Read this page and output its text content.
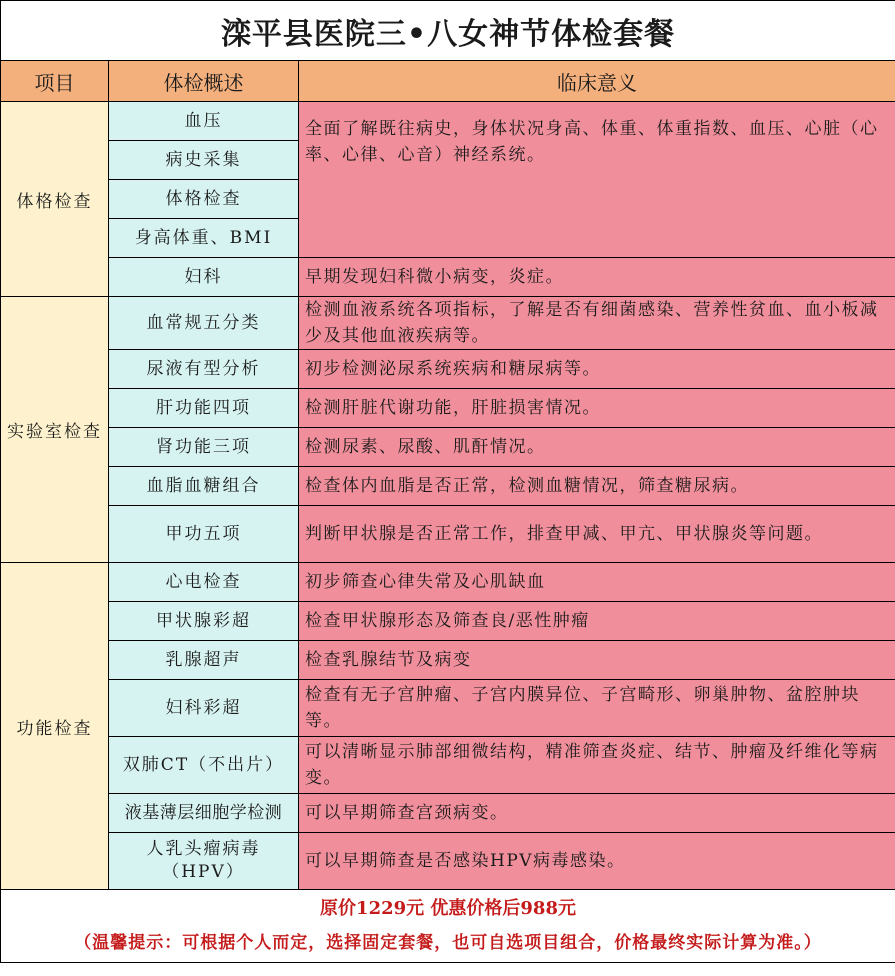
滦平县医院三•八女神节体检套餐		
项目	体检概述	临床意义
体格检查	血压	全面了解既往病史，身体状况身高、体重、体重指数、血压、心脏（心率、心律、心音）神经系统。
	病史采集	
	体格检查	
	身高体重、BMI	
	妇科	早期发现妇科微小病变，炎症。
实验室检查	血常规五分类	检测血液系统各项指标，了解是否有细菌感染、营养性贫血、血小板减少及其他血液疾病等。
	尿液有型分析	初步检测泌尿系统疾病和糖尿病等。
	肝功能四项	检测肝脏代谢功能，肝脏损害情况。
	肾功能三项	检测尿素、尿酸、肌酐情况。
	血脂血糖组合	检查体内血脂是否正常，检测血糖情况，筛查糖尿病。
	甲功五项	判断甲状腺是否正常工作，排查甲减、甲亢、甲状腺炎等问题。
功能检查	心电检查	初步筛查心律失常及心肌缺血
	甲状腺彩超	检查甲状腺形态及筛查良/恶性肿瘤
	乳腺超声	检查乳腺结节及病变
	妇科彩超	检查有无子宫肿瘤、子宫内膜异位、子宫畸形、卵巢肿物、盆腔肿块等。
	双肺CT（不出片）	可以清晰显示肺部细微结构，精准筛查炎症、结节、肿瘤及纤维化等病变。
	液基薄层细胞学检测	可以早期筛查宫颈病变。
	人乳头瘤病毒（HPV）	可以早期筛查是否感染HPV病毒感染。

原价1229元 优惠价格后988元
（温馨提示：可根据个人而定，选择固定套餐，也可自选项目组合，价格最终实际计算为准。）		
